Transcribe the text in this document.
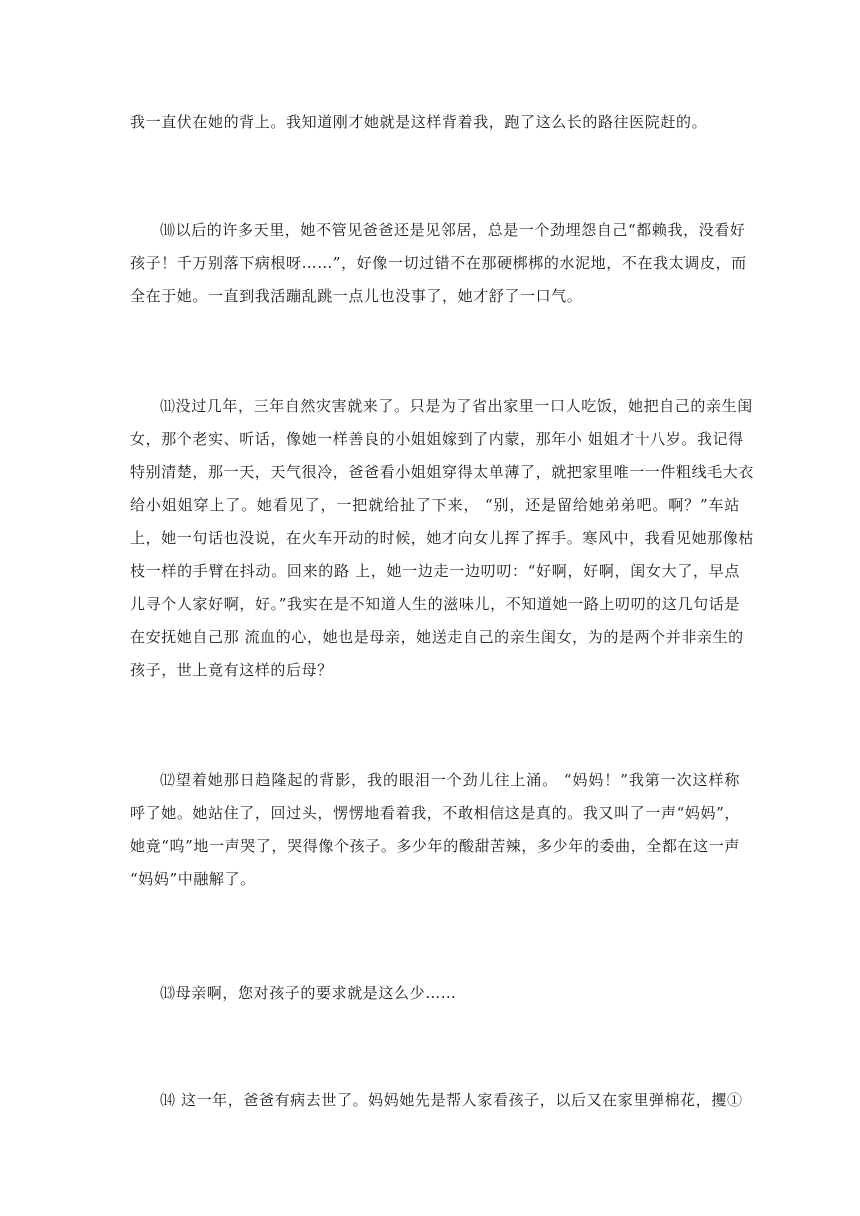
我一直伏在她的背上。我知道刚才她就是这样背着我，跑了这么长的路往医院赶的。
⑽以后的许多天里，她不管见爸爸还是见邻居，总是一个劲埋怨自己“都赖我，没看好
孩子！千万别落下病根呀……”，好像一切过错不在那硬梆梆的水泥地，不在我太调皮，而
全在于她。一直到我活蹦乱跳一点儿也没事了，她才舒了一口气。
⑾没过几年，三年自然灾害就来了。只是为了省出家里一口人吃饭，她把自己的亲生闺
女，那个老实、听话，像她一样善良的小姐姐嫁到了内蒙，那年小 姐姐才十八岁。我记得
特别清楚，那一天，天气很冷，爸爸看小姐姐穿得太单薄了，就把家里唯一一件粗线毛大衣
给小姐姐穿上了。她看见了，一把就给扯了下来， “别，还是留给她弟弟吧。啊？”车站
上，她一句话也没说，在火车开动的时候，她才向女儿挥了挥手。寒风中，我看见她那像枯
枝一样的手臂在抖动。回来的路 上，她一边走一边叨叨：“好啊，好啊，闺女大了，早点
儿寻个人家好啊，好。”我实在是不知道人生的滋味儿，不知道她一路上叨叨的这几句话是
在安抚她自己那 流血的心，她也是母亲，她送走自己的亲生闺女，为的是两个并非亲生的
孩子，世上竟有这样的后母？
⑿望着她那日趋隆起的背影，我的眼泪一个劲儿往上涌。 “妈妈！”我第一次这样称
呼了她。她站住了，回过头，愣愣地看着我，不敢相信这是真的。我又叫了一声“妈妈”，
她竟“呜”地一声哭了，哭得像个孩子。多少年的酸甜苦辣，多少年的委曲，全都在这一声
“妈妈”中融解了。
⒀母亲啊，您对孩子的要求就是这么少……
⒁ 这一年，爸爸有病去世了。妈妈她先是帮人家看孩子，以后又在家里弹棉花，攫①
